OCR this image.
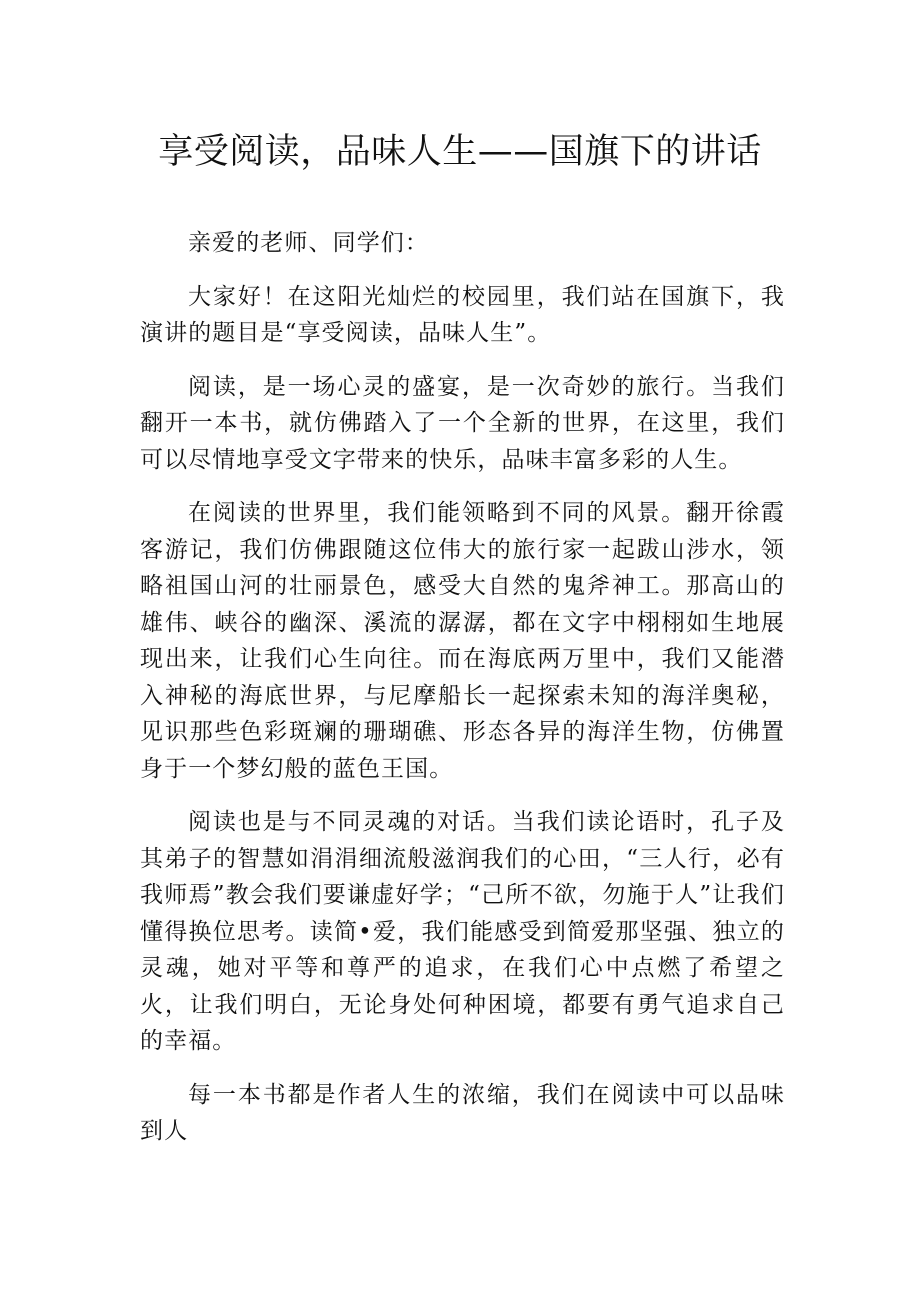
享受阅读，品味人生——国旗下的讲话

亲爱的老师、同学们：

大家好！在这阳光灿烂的校园里，我们站在国旗下，我演讲的题目是“享受阅读，品味人生”。

阅读，是一场心灵的盛宴，是一次奇妙的旅行。当我们翻开一本书，就仿佛踏入了一个全新的世界，在这里，我们可以尽情地享受文字带来的快乐，品味丰富多彩的人生。

在阅读的世界里，我们能领略到不同的风景。翻开徐霞客游记，我们仿佛跟随这位伟大的旅行家一起跋山涉水，领略祖国山河的壮丽景色，感受大自然的鬼斧神工。那高山的雄伟、峡谷的幽深、溪流的潺潺，都在文字中栩栩如生地展现出来，让我们心生向往。而在海底两万里中，我们又能潜入神秘的海底世界，与尼摩船长一起探索未知的海洋奥秘，见识那些色彩斑斓的珊瑚礁、形态各异的海洋生物，仿佛置身于一个梦幻般的蓝色王国。

阅读也是与不同灵魂的对话。当我们读论语时，孔子及其弟子的智慧如涓涓细流般滋润我们的心田，“三人行，必有我师焉”教会我们要谦虚好学；“己所不欲，勿施于人”让我们懂得换位思考。读简•爱，我们能感受到简爱那坚强、独立的灵魂，她对平等和尊严的追求，在我们心中点燃了希望之火，让我们明白，无论身处何种困境，都要有勇气追求自己的幸福。

每一本书都是作者人生的浓缩，我们在阅读中可以品味到人
